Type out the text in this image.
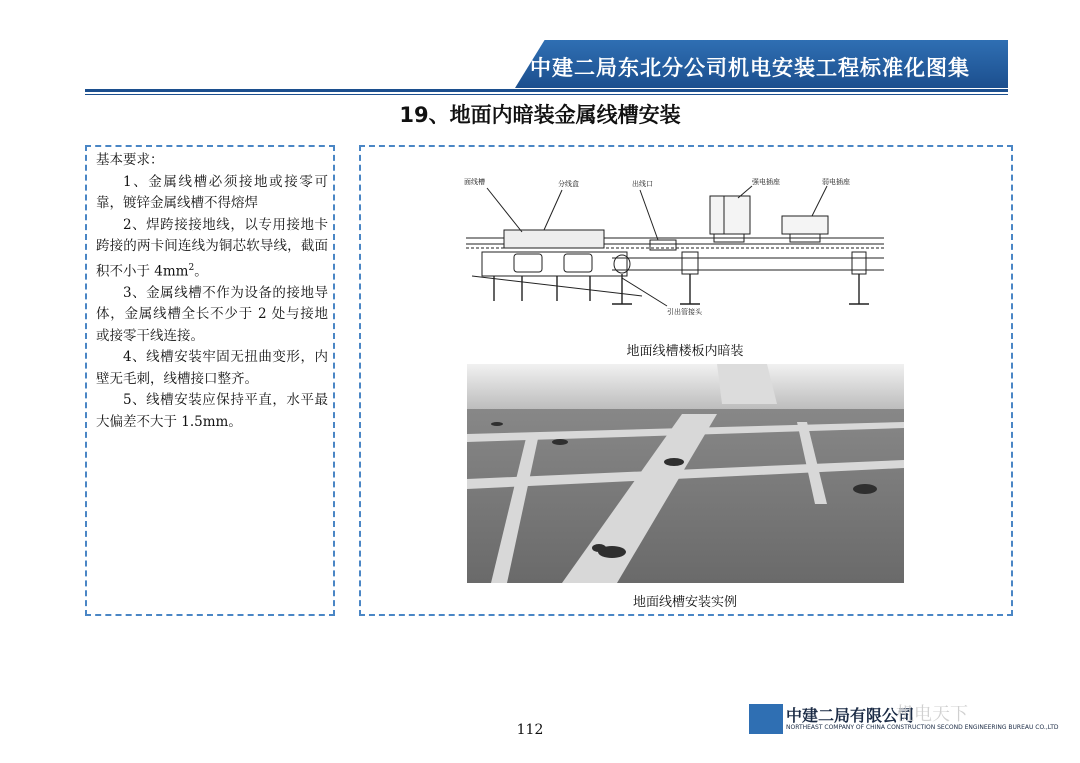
中建二局东北分公司机电安装工程标准化图集
19、地面内暗装金属线槽安装

基本要求：

1、金属线槽必须接地或接零可靠，镀锌金属线槽不得熔焊

2、焊跨接接地线，以专用接地卡跨接的两卡间连线为铜芯软导线，截面积不小于 $4mm^2$。

3、金属线槽不作为设备的接地导体，金属线槽全长不少于 2 处与接地或接零干线连接。

4、线槽安装牢固无扭曲变形，内壁无毛刺，线槽接口整齐。

5、线槽安装应保持平直，水平最大偏差不大于 1.5mm。

面线槽	分线盒	出线口	强电插座	弱电插座
引出管接头
地面线槽楼板内暗装
地面线槽安装实例
112
中建二局有限公司
NORTHEAST COMPANY OF CHINA CONSTRUCTION SECOND ENGINEERING BUREAU CO.,LTD
机电天下
